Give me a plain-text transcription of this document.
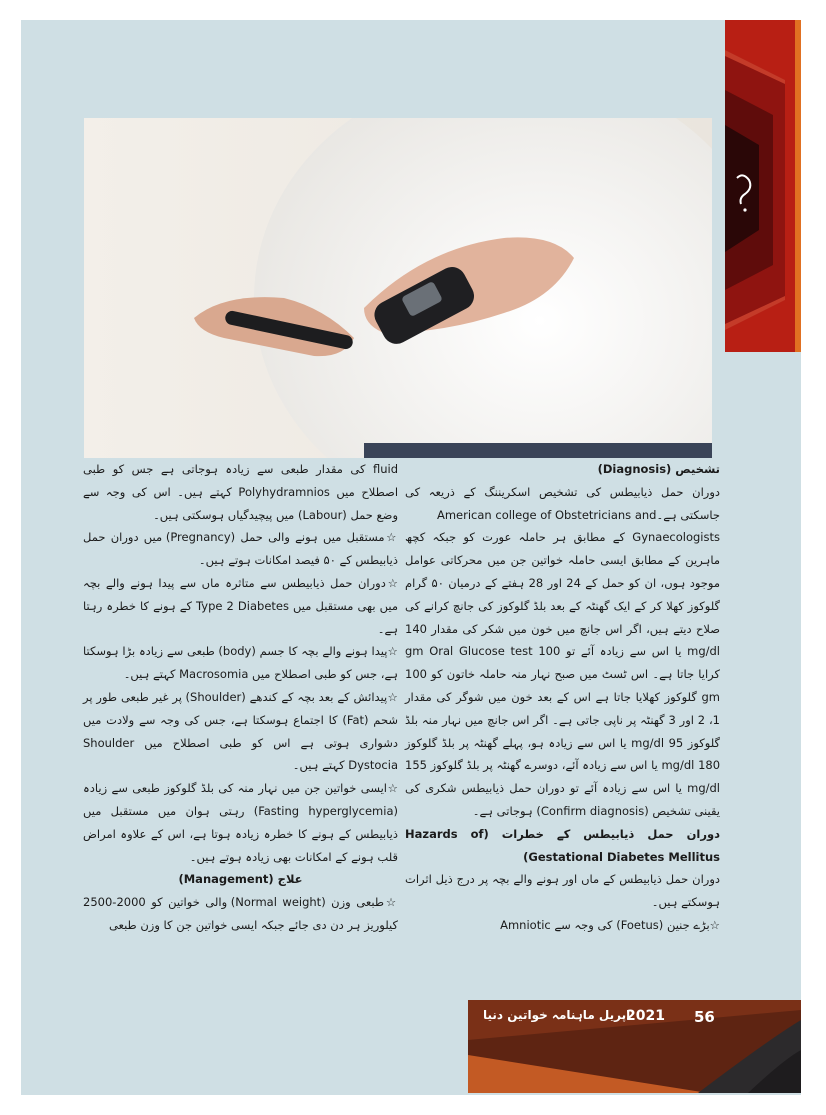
تشخیص (Diagnosis)

دوران حمل ذیابیطس کی تشخیص اسکریننگ کے ذریعہ کی جاسکتی ہے۔American college of Obstetricians and

Gynaecologists کے مطابق ہر حاملہ عورت کو جبکہ کچھ ماہرین کے مطابق ایسی حاملہ خواتین جن میں محرکاتی عوامل موجود ہوں، ان کو حمل کے 24 اور 28 ہفتے کے درمیان ۵۰ گرام گلوکوز کھلا کر کے ایک گھنٹہ کے بعد بلڈ گلوکوز کی جانچ کرانے کی صلاح دیتے ہیں، اگر اس جانچ میں خون میں شکر کی مقدار 140 mg/dl یا اس سے زیادہ آئے تو 100 gm Oral Glucose test کرایا جاتا ہے۔ اس ٹسٹ میں صبح نہار منہ حاملہ خاتون کو 100 gm گلوکوز کھلایا جاتا ہے اس کے بعد خون میں شوگر کی مقدار 1، 2 اور 3 گھنٹہ پر ناپی جاتی ہے۔ اگر اس جانچ میں نہار منہ بلڈ گلوکوز 95 mg/dl یا اس سے زیادہ ہو، پہلے گھنٹہ پر بلڈ گلوکوز 180 mg/dl یا اس سے زیادہ آئے، دوسرے گھنٹہ پر بلڈ گلوکوز 155 mg/dl یا اس سے زیادہ آئے تو دوران حمل ذیابیطس شکری کی یقینی تشخیص (Confirm diagnosis) ہوجاتی ہے۔

دوران حمل ذیابیطس کے خطرات (Hazards of Gestational Diabetes Mellitus)

دوران حمل ذیابیطس کے ماں اور ہونے والے بچہ پر درج ذیل اثرات ہوسکتے ہیں۔

☆بڑے جنین (Foetus) کی وجہ سے Amniotic

fluid کی مقدار طبعی سے زیادہ ہوجاتی ہے جس کو طبی اصطلاح میں Polyhydramnios کہتے ہیں۔ اس کی وجہ سے وضع حمل (Labour) میں پیچیدگیاں ہوسکتی ہیں۔

☆مستقبل میں ہونے والی حمل (Pregnancy) میں دوران حمل ذیابیطس کے ۵۰ فیصد امکانات ہوتے ہیں۔

☆دوران حمل ذیابیطس سے متاثرہ ماں سے پیدا ہونے والے بچہ میں بھی مستقبل میں Type 2 Diabetes کے ہونے کا خطرہ رہتا ہے۔

☆پیدا ہونے والے بچہ کا جسم (body) طبعی سے زیادہ بڑا ہوسکتا ہے، جس کو طبی اصطلاح میں Macrosomia کہتے ہیں۔

☆پیدائش کے بعد بچہ کے کندھے (Shoulder) پر غیر طبعی طور پر شحم (Fat) کا اجتماع ہوسکتا ہے، جس کی وجہ سے ولادت میں دشواری ہوتی ہے اس کو طبی اصطلاح میں Shoulder Dystocia کہتے ہیں۔

☆ایسی خواتین جن میں نہار منہ کی بلڈ گلوکوز طبعی سے زیادہ (Fasting hyperglycemia) رہتی ہوان میں مستقبل میں ذیابیطس کے ہونے کا خطرہ زیادہ ہوتا ہے، اس کے علاوہ امراض قلب ہونے کے امکانات بھی زیادہ ہوتے ہیں۔

علاج (Management)

☆طبعی وزن (Normal weight) والی خواتین کو 2000-2500 کیلوریز ہر دن دی جائے جبکہ ایسی خواتین جن کا وزن طبعی

56
2021
اپریل ماہنامہ خواتین دنیا
